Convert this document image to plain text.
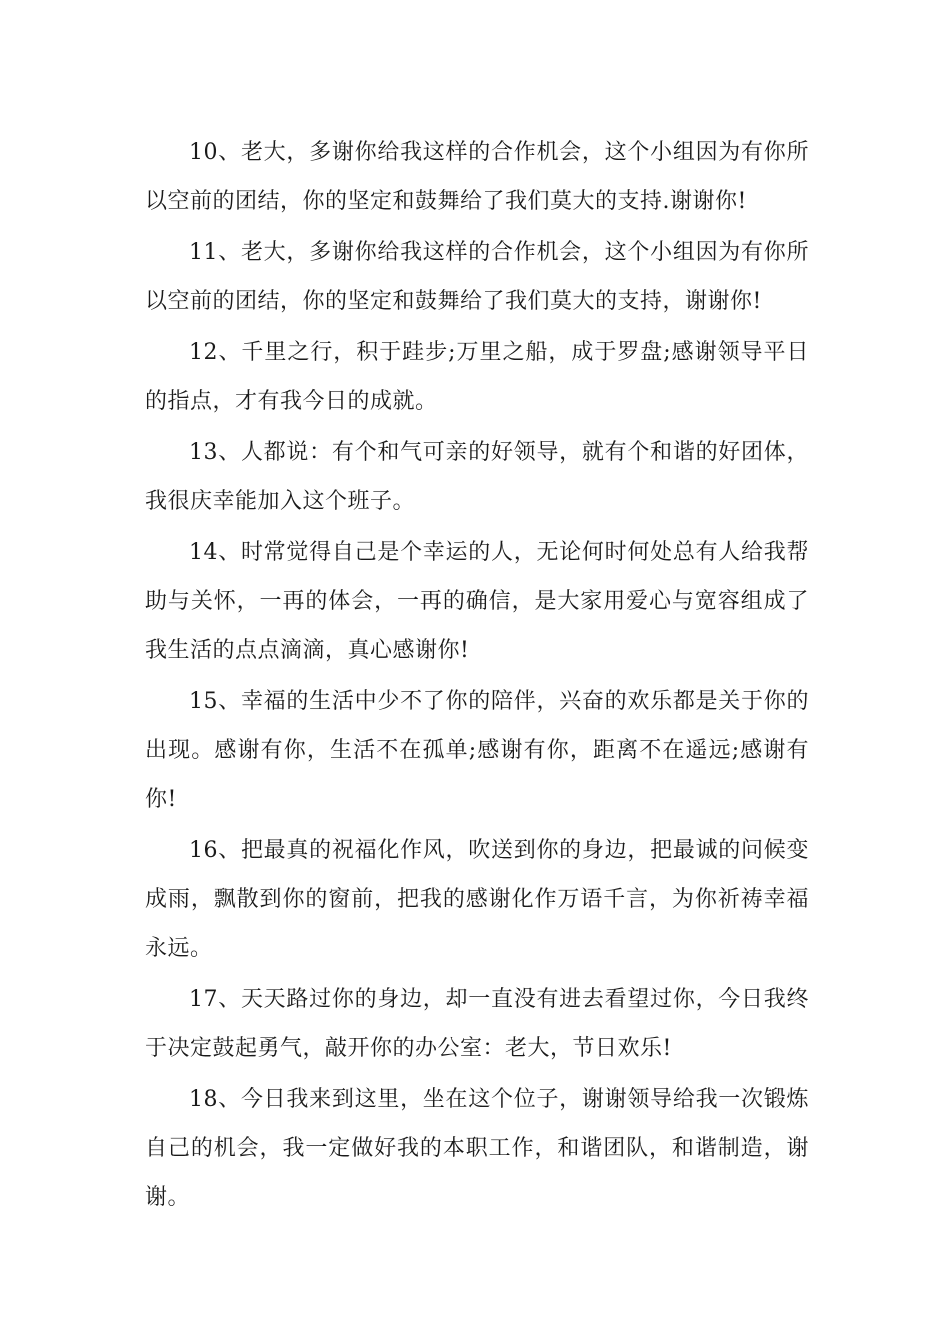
10、老大，多谢你给我这样的合作机会，这个小组因为有你所以空前的团结，你的坚定和鼓舞给了我们莫大的支持.谢谢你!

11、老大，多谢你给我这样的合作机会，这个小组因为有你所以空前的团结，你的坚定和鼓舞给了我们莫大的支持，谢谢你!

12、千里之行，积于跬步;万里之船，成于罗盘;感谢领导平日的指点，才有我今日的成就。

13、人都说：有个和气可亲的好领导，就有个和谐的好团体，我很庆幸能加入这个班子。

14、时常觉得自己是个幸运的人，无论何时何处总有人给我帮助与关怀，一再的体会，一再的确信，是大家用爱心与宽容组成了我生活的点点滴滴，真心感谢你!

15、幸福的生活中少不了你的陪伴，兴奋的欢乐都是关于你的出现。感谢有你，生活不在孤单;感谢有你，距离不在遥远;感谢有你!

16、把最真的祝福化作风，吹送到你的身边，把最诚的问候变成雨，飘散到你的窗前，把我的感谢化作万语千言，为你祈祷幸福永远。

17、天天路过你的身边，却一直没有进去看望过你，今日我终于决定鼓起勇气，敲开你的办公室：老大，节日欢乐!

18、今日我来到这里，坐在这个位子，谢谢领导给我一次锻炼自己的机会，我一定做好我的本职工作，和谐团队，和谐制造，谢谢。
